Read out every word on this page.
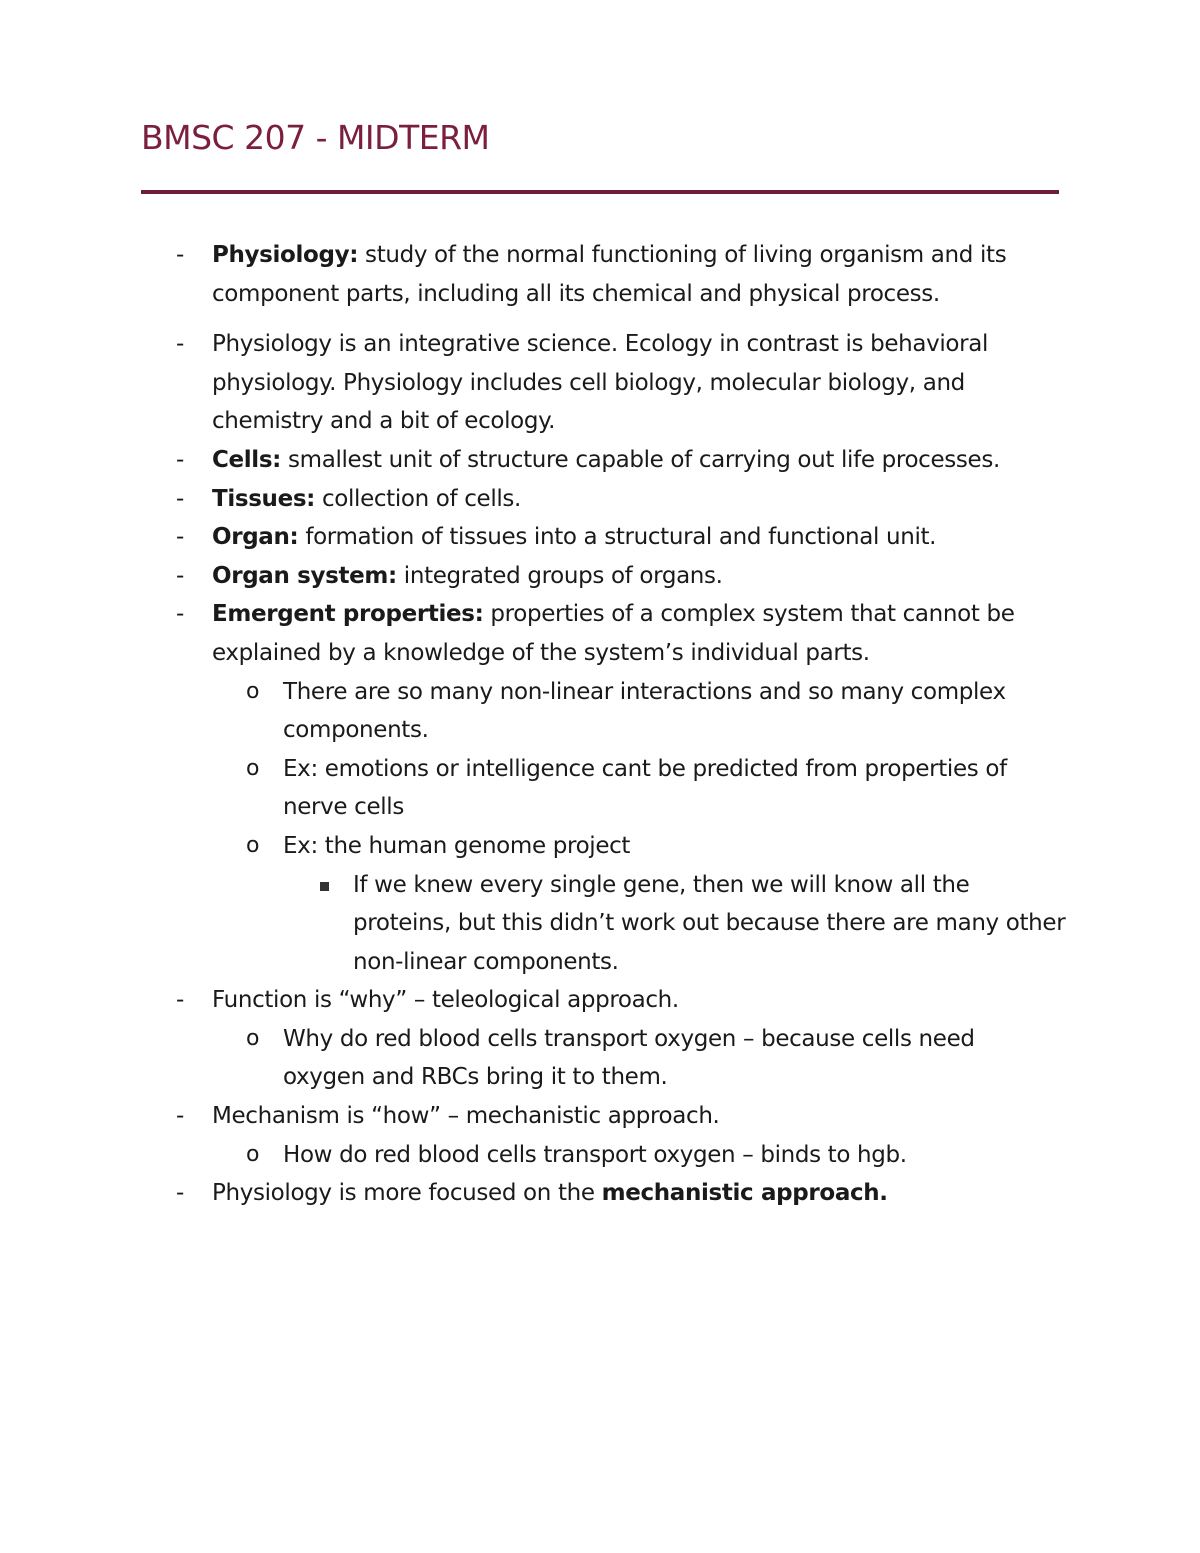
BMSC 207 - MIDTERM
- Physiology: study of the normal functioning of living organism and its component parts, including all its chemical and physical process.
- Physiology is an integrative science. Ecology in contrast is behavioral physiology. Physiology includes cell biology, molecular biology, and chemistry and a bit of ecology.
- Cells: smallest unit of structure capable of carrying out life processes.
- Tissues: collection of cells.
- Organ: formation of tissues into a structural and functional unit.
- Organ system: integrated groups of organs.
- Emergent properties: properties of a complex system that cannot be explained by a knowledge of the system’s individual parts.
o There are so many non-linear interactions and so many complex components.
o Ex: emotions or intelligence cant be predicted from properties of nerve cells
o Ex: the human genome project
If we knew every single gene, then we will know all the proteins, but this didn’t work out because there are many other non-linear components.
- Function is “why” – teleological approach.
o Why do red blood cells transport oxygen – because cells need oxygen and RBCs bring it to them.
- Mechanism is “how” – mechanistic approach.
o How do red blood cells transport oxygen – binds to hgb.
- Physiology is more focused on the mechanistic approach.
